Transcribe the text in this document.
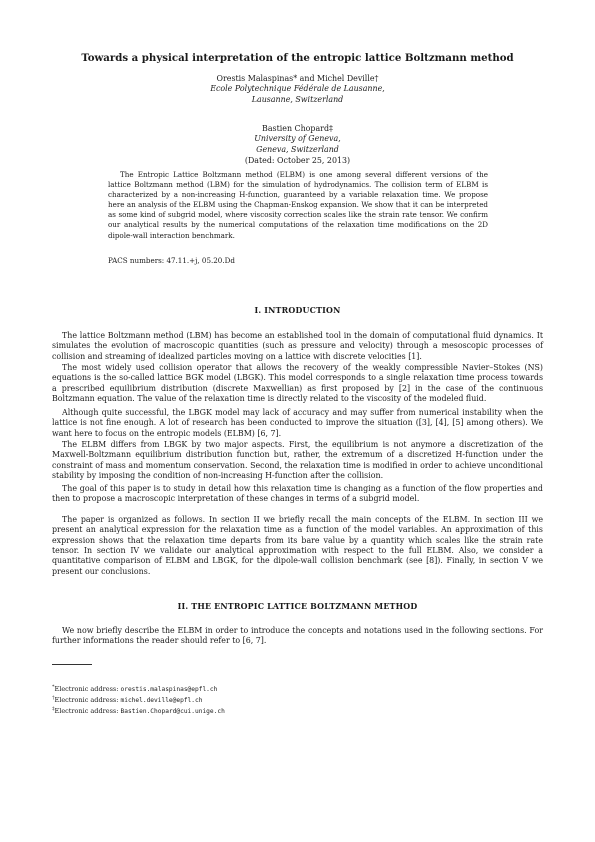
Towards a physical interpretation of the entropic lattice Boltzmann method
Orestis Malaspinas* and Michel Deville†
Ecole Polytechnique Fédérale de Lausanne,
Lausanne, Switzerland
Bastien Chopard‡
University of Geneva,
Geneva, Switzerland
(Dated: October 25, 2013)

The Entropic Lattice Boltzmann method (ELBM) is one among several different versions of the lattice Boltzmann method (LBM) for the simulation of hydrodynamics. The collision term of ELBM is characterized by a non-increasing H-function, guaranteed by a variable relaxation time. We propose here an analysis of the ELBM using the Chapman-Enskog expansion. We show that it can be interpreted as some kind of subgrid model, where viscosity correction scales like the strain rate tensor. We confirm our analytical results by the numerical computations of the relaxation time modifications on the 2D dipole-wall interaction benchmark.

PACS numbers: 47.11.+j, 05.20.Dd
I. INTRODUCTION

The lattice Boltzmann method (LBM) has become an established tool in the domain of computational fluid dynamics. It simulates the evolution of macroscopic quantities (such as pressure and velocity) through a mesoscopic processes of collision and streaming of idealized particles moving on a lattice with discrete velocities [1].

The most widely used collision operator that allows the recovery of the weakly compressible Navier–Stokes (NS) equations is the so-called lattice BGK model (LBGK). This model corresponds to a single relaxation time process towards a prescribed equilibrium distribution (discrete Maxwellian) as first proposed by [2] in the case of the continuous Boltzmann equation. The value of the relaxation time is directly related to the viscosity of the modeled fluid.

Although quite successful, the LBGK model may lack of accuracy and may suffer from numerical instability when the lattice is not fine enough. A lot of research has been conducted to improve the situation ([3], [4], [5] among others). We want here to focus on the entropic models (ELBM) [6, 7].

The ELBM differs from LBGK by two major aspects. First, the equilibrium is not anymore a discretization of the Maxwell-Boltzmann equilibrium distribution function but, rather, the extremum of a discretized H-function under the constraint of mass and momentum conservation. Second, the relaxation time is modified in order to achieve unconditional stability by imposing the condition of non-increasing H-function after the collision.

The goal of this paper is to study in detail how this relaxation time is changing as a function of the flow properties and then to propose a macroscopic interpretation of these changes in terms of a subgrid model.

The paper is organized as follows. In section II we briefly recall the main concepts of the ELBM. In section III we present an analytical expression for the relaxation time as a function of the model variables. An approximation of this expression shows that the relaxation time departs from its bare value by a quantity which scales like the strain rate tensor. In section IV we validate our analytical approximation with respect to the full ELBM. Also, we consider a quantitative comparison of ELBM and LBGK, for the dipole-wall collision benchmark (see [8]). Finally, in section V we present our conclusions.

II. THE ENTROPIC LATTICE BOLTZMANN METHOD

We now briefly describe the ELBM in order to introduce the concepts and notations used in the following sections. For further informations the reader should refer to [6, 7].

*Electronic address: orestis.malaspinas@epfl.ch
†Electronic address: michel.deville@epfl.ch
‡Electronic address: Bastien.Chopard@cui.unige.ch
